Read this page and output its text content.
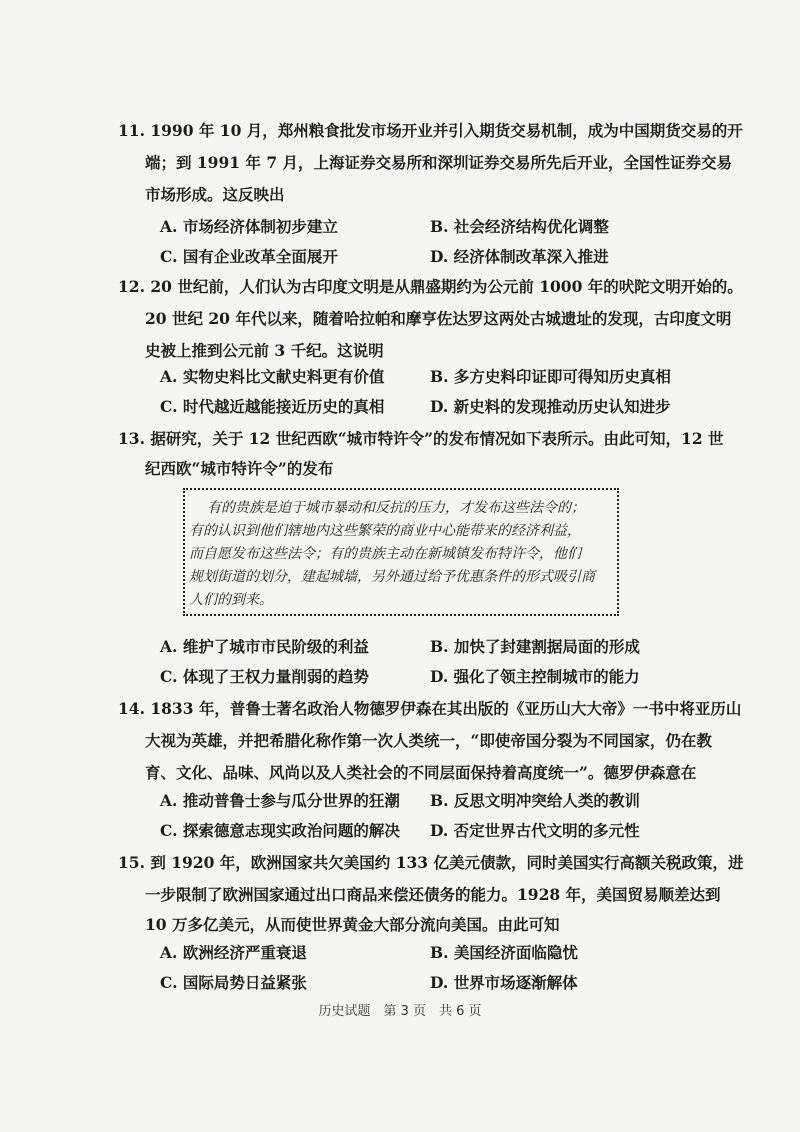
11. 1990 年 10 月，郑州粮食批发市场开业并引入期货交易机制，成为中国期货交易的开
端；到 1991 年 7 月，上海证券交易所和深圳证券交易所先后开业，全国性证券交易
市场形成。这反映出
A. 市场经济体制初步建立	B. 社会经济结构优化调整
C. 国有企业改革全面展开	D. 经济体制改革深入推进
12. 20 世纪前，人们认为古印度文明是从鼎盛期约为公元前 1000 年的吠陀文明开始的。
20 世纪 20 年代以来，随着哈拉帕和摩亨佐达罗这两处古城遗址的发现，古印度文明
史被上推到公元前 3 千纪。这说明
A. 实物史料比文献史料更有价值	B. 多方史料印证即可得知历史真相
C. 时代越近越能接近历史的真相	D. 新史料的发现推动历史认知进步
13. 据研究，关于 12 世纪西欧“城市特许令”的发布情况如下表所示。由此可知，12 世
纪西欧“城市特许令”的发布
有的贵族是迫于城市暴动和反抗的压力，才发布这些法令的；
有的认识到他们辖地内这些繁荣的商业中心能带来的经济利益，
而自愿发布这些法令；有的贵族主动在新城镇发布特许令，他们
规划街道的划分，建起城墙，另外通过给予优惠条件的形式吸引商
人们的到来。
A. 维护了城市市民阶级的利益	B. 加快了封建割据局面的形成
C. 体现了王权力量削弱的趋势	D. 强化了领主控制城市的能力
14. 1833 年，普鲁士著名政治人物德罗伊森在其出版的《亚历山大大帝》一书中将亚历山
大视为英雄，并把希腊化称作第一次人类统一，“即使帝国分裂为不同国家，仍在教
育、文化、品味、风尚以及人类社会的不同层面保持着高度统一”。德罗伊森意在
A. 推动普鲁士参与瓜分世界的狂潮 B. 反思文明冲突给人类的教训
C. 探索德意志现实政治问题的解决 D. 否定世界古代文明的多元性
15. 到 1920 年，欧洲国家共欠美国约 133 亿美元债款，同时美国实行高额关税政策，进
一步限制了欧洲国家通过出口商品来偿还债务的能力。1928 年，美国贸易顺差达到
10 万多亿美元，从而使世界黄金大部分流向美国。由此可知
A. 欧洲经济严重衰退	B. 美国经济面临隐忧
C. 国际局势日益紧张	D. 世界市场逐渐解体
历史试题　第 3 页　共 6 页
